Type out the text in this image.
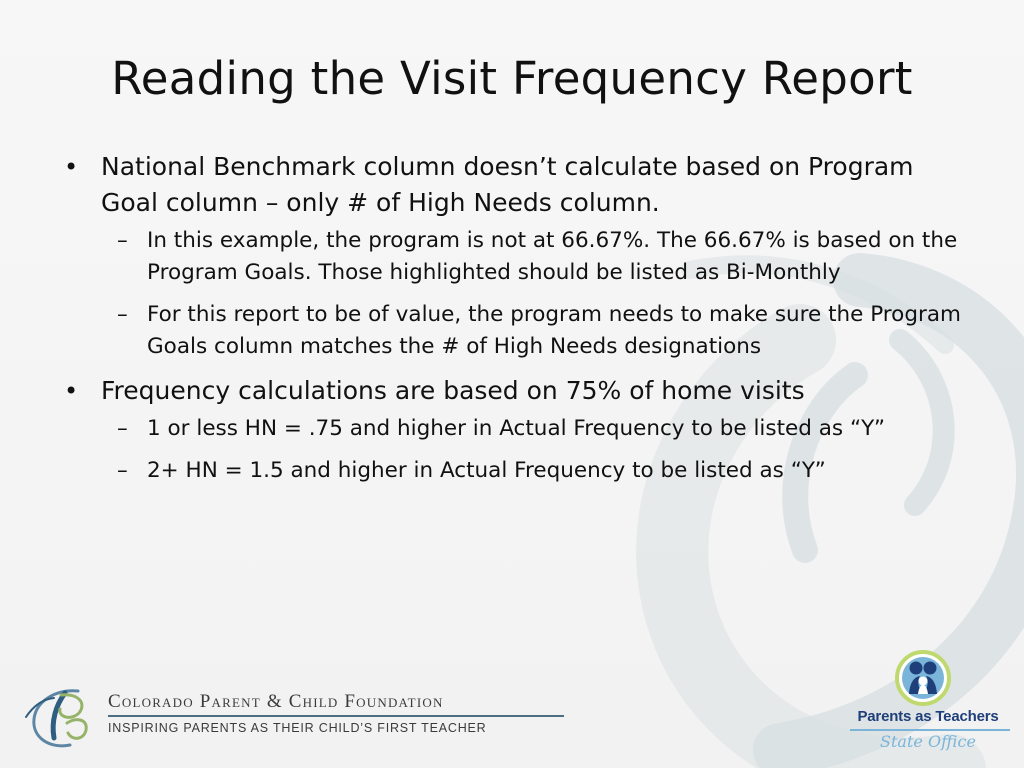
Reading the Visit Frequency Report
• National Benchmark column doesn’t calculate based on Program Goal column – only # of High Needs column.
– In this example, the program is not at 66.67%. The 66.67% is based on the Program Goals. Those highlighted should be listed as Bi-Monthly
– For this report to be of value, the program needs to make sure the Program Goals column matches the # of High Needs designations
• Frequency calculations are based on 75% of home visits
– 1 or less HN = .75 and higher in Actual Frequency to be listed as “Y”
– 2+ HN = 1.5 and higher in Actual Frequency to be listed as “Y”
Colorado Parent & Child Foundation
INSPIRING PARENTS AS THEIR CHILD’S FIRST TEACHER
Parents as Teachers
State Office
